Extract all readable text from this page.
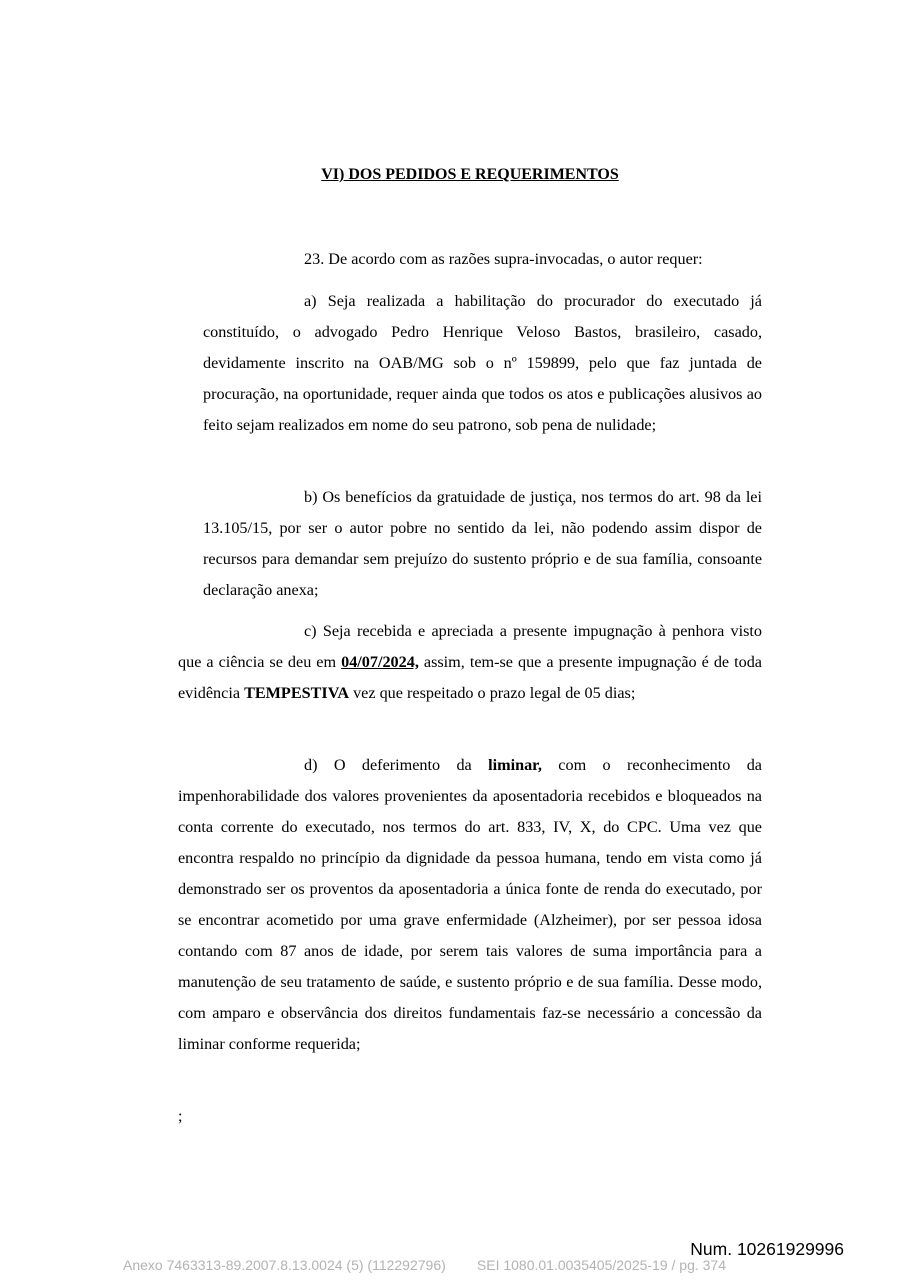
VI) DOS PEDIDOS E REQUERIMENTOS

23. De acordo com as razões supra-invocadas, o autor requer:

a) Seja realizada a habilitação do procurador do executado já constituído, o advogado Pedro Henrique Veloso Bastos, brasileiro, casado, devidamente inscrito na OAB/MG sob o nº 159899, pelo que faz juntada de procuração, na oportunidade, requer ainda que todos os atos e publicações alusivos ao feito sejam realizados em nome do seu patrono, sob pena de nulidade;

b) Os benefícios da gratuidade de justiça, nos termos do art. 98 da lei 13.105/15, por ser o autor pobre no sentido da lei, não podendo assim dispor de recursos para demandar sem prejuízo do sustento próprio e de sua família, consoante declaração anexa;

c) Seja recebida e apreciada a presente impugnação à penhora visto que a ciência se deu em 04/07/2024, assim, tem-se que a presente impugnação é de toda evidência TEMPESTIVA vez que respeitado o prazo legal de 05 dias;

d) O deferimento da liminar, com o reconhecimento da impenhorabilidade dos valores provenientes da aposentadoria recebidos e bloqueados na conta corrente do executado, nos termos do art. 833, IV, X, do CPC. Uma vez que encontra respaldo no princípio da dignidade da pessoa humana, tendo em vista como já demonstrado ser os proventos da aposentadoria a única fonte de renda do executado, por se encontrar acometido por uma grave enfermidade (Alzheimer), por ser pessoa idosa contando com 87 anos de idade, por serem tais valores de suma importância para a manutenção de seu tratamento de saúde, e sustento próprio e de sua família. Desse modo, com amparo e observância dos direitos fundamentais faz-se necessário a concessão da liminar conforme requerida;

;

Num. 10261929996

Anexo 7463313-89.2007.8.13.0024 (5) (112292796) SEI 1080.01.0035405/2025-19 / pg. 374
